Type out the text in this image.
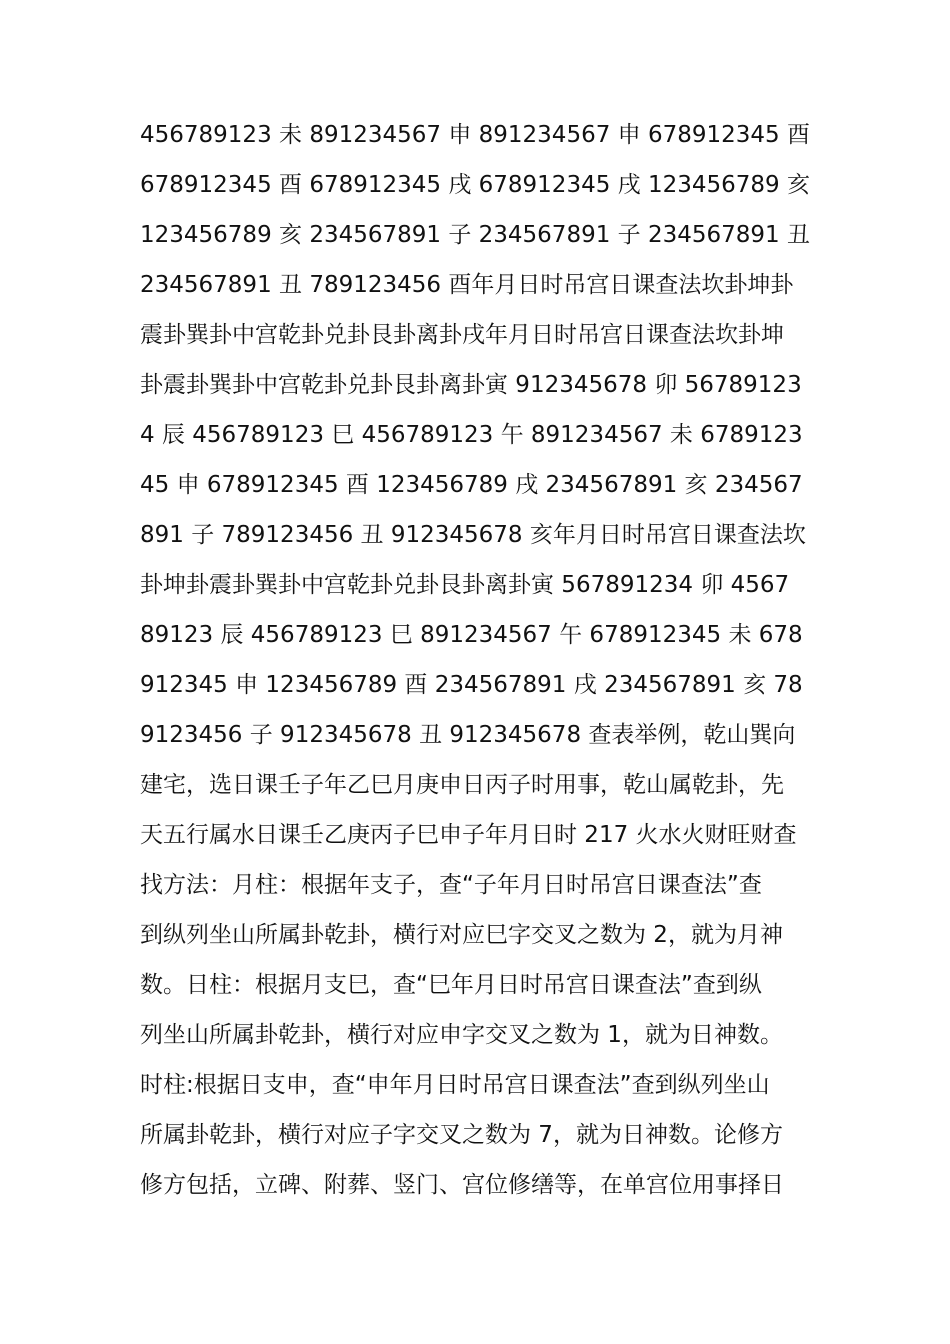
456789123 未 891234567 申 891234567 申 678912345 酉
678912345 酉 678912345 戌 678912345 戌 123456789 亥
123456789 亥 234567891 子 234567891 子 234567891 丑
234567891 丑 789123456 酉年月日时吊宫日课查法坎卦坤卦
震卦巽卦中宫乾卦兑卦艮卦离卦戌年月日时吊宫日课查法坎卦坤
卦震卦巽卦中宫乾卦兑卦艮卦离卦寅 912345678 卯 56789123
4 辰 456789123 巳 456789123 午 891234567 未 6789123
45 申 678912345 酉 123456789 戌 234567891 亥 234567
891 子 789123456 丑 912345678 亥年月日时吊宫日课查法坎
卦坤卦震卦巽卦中宫乾卦兑卦艮卦离卦寅 567891234 卯 4567
89123 辰 456789123 巳 891234567 午 678912345 未 678
912345 申 123456789 酉 234567891 戌 234567891 亥 78
9123456 子 912345678 丑 912345678 查表举例，乾山巽向
建宅，选日课壬子年乙巳月庚申日丙子时用事，乾山属乾卦，先
天五行属水日课壬乙庚丙子巳申子年月日时 217 火水火财旺财查
找方法：月柱：根据年支子，查“子年月日时吊宫日课查法”查
到纵列坐山所属卦乾卦，横行对应巳字交叉之数为 2，就为月神
数。日柱：根据月支巳，查“巳年月日时吊宫日课查法”查到纵
列坐山所属卦乾卦，横行对应申字交叉之数为 1，就为日神数。
时柱:根据日支申，查“申年月日时吊宫日课查法”查到纵列坐山
所属卦乾卦，横行对应子字交叉之数为 7，就为日神数。论修方
修方包括，立碑、附葬、竖门、宫位修缮等，在单宫位用事择日
